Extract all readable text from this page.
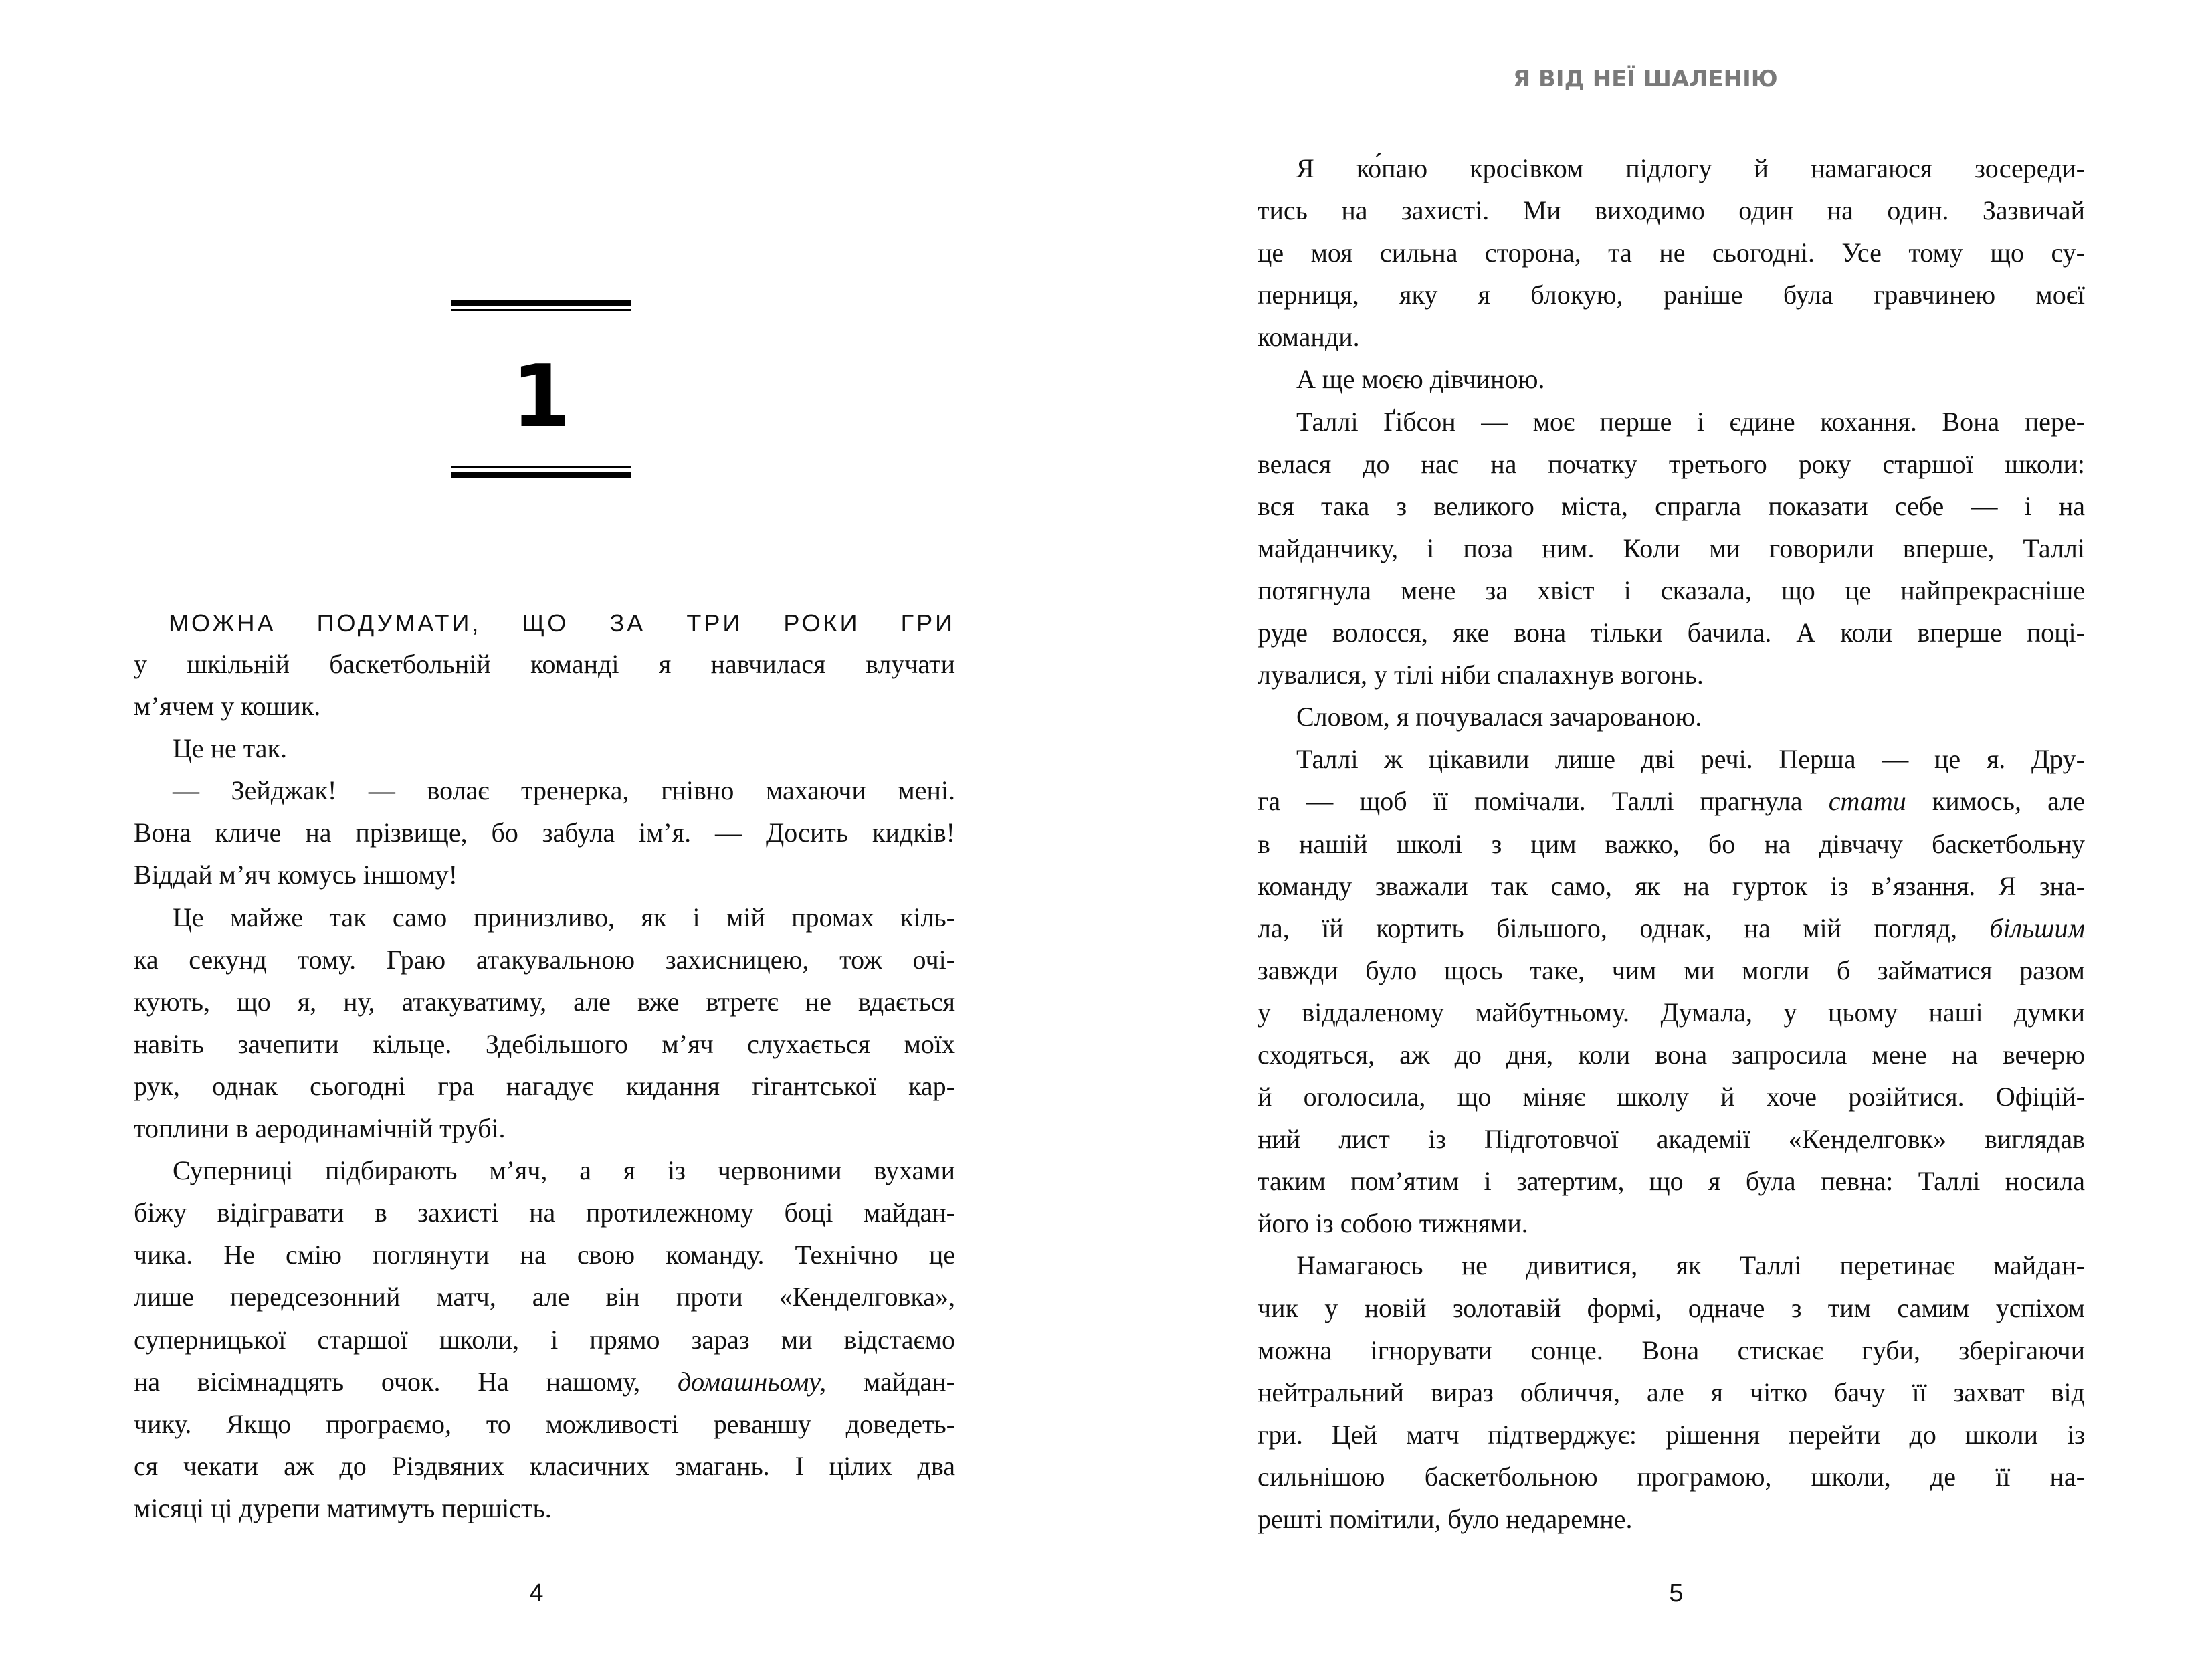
1
МОЖНА ПОДУМАТИ, ЩО ЗА ТРИ РОКИ ГРИ
у шкільній баскетбольній команді я навчилася влучати
м’ячем у кошик.
Це не так.
— Зейджак! — волає тренерка, гнівно махаючи мені.
Вона кличе на прізвище, бо забула ім’я. — Досить кидків!
Віддай м’яч комусь іншому!
Це майже так само принизливо, як і мій промах кіль-
ка секунд тому. Граю атакувальною захисницею, тож очі-
кують, що я, ну, атакуватиму, але вже втретє не вдається
навіть зачепити кільце. Здебільшого м’яч слухається моїх
рук, однак сьогодні гра нагадує кидання гігантської кар-
топлини в аеродинамічній трубі.
Суперниці підбирають м’яч, а я із червоними вухами
біжу відігравати в захисті на протилежному боці майдан-
чика. Не смію поглянути на свою команду. Технічно це
лише передсезонний матч, але він проти «Кенделговка»,
суперницької старшої школи, і прямо зараз ми відстаємо
на вісімнадцять очок. На нашому, домашньому, майдан-
чику. Якщо програємо, то можливості реваншу доведеть-
ся чекати аж до Різдвяних класичних змагань. І цілих два
місяці ці дурепи матимуть першість.
4	5
Я ко́паю кросівком підлогу й намагаюся зосереди-
тись на захисті. Ми виходимо один на один. Зазвичай
це моя сильна сторона, та не сьогодні. Усе тому що су-
перниця, яку я блокую, раніше була гравчинею моєї
команди.
А ще моєю дівчиною.
Таллі Ґібсон — моє перше і єдине кохання. Вона пере-
велася до нас на початку третього року старшої школи:
вся така з великого міста, спрагла показати себе — і на
майданчику, і поза ним. Коли ми говорили вперше, Таллі
потягнула мене за хвіст і сказала, що це найпрекрасніше
руде волосся, яке вона тільки бачила. А коли вперше поці-
лувалися, у тілі ніби спалахнув вогонь.
Словом, я почувалася зачарованою.
Таллі ж цікавили лише дві речі. Перша — це я. Дру-
га — щоб її помічали. Таллі прагнула стати кимось, але
в нашій школі з цим важко, бо на дівчачу баскетбольну
команду зважали так само, як на гурток із в’язання. Я зна-
ла, їй кортить більшого, однак, на мій погляд, більшим
завжди було щось таке, чим ми могли б займатися разом
у віддаленому майбутньому. Думала, у цьому наші думки
сходяться, аж до дня, коли вона запросила мене на вечерю
й оголосила, що міняє школу й хоче розійтися. Офіцій-
ний лист із Підготовчої академії «Кенделговк» виглядав
таким пом’ятим і затертим, що я була певна: Таллі носила
його із собою тижнями.
Намагаюсь не дивитися, як Таллі перетинає майдан-
чик у новій золотавій формі, одначе з тим самим успіхом
можна ігнорувати сонце. Вона стискає губи, зберігаючи
нейтральний вираз обличчя, але я чітко бачу її захват від
гри. Цей матч підтверджує: рішення перейти до школи із
сильнішою баскетбольною програмою, школи, де її на-
решті помітили, було недаремне.
Я ВІД НЕЇ ШАЛЕНІЮ
